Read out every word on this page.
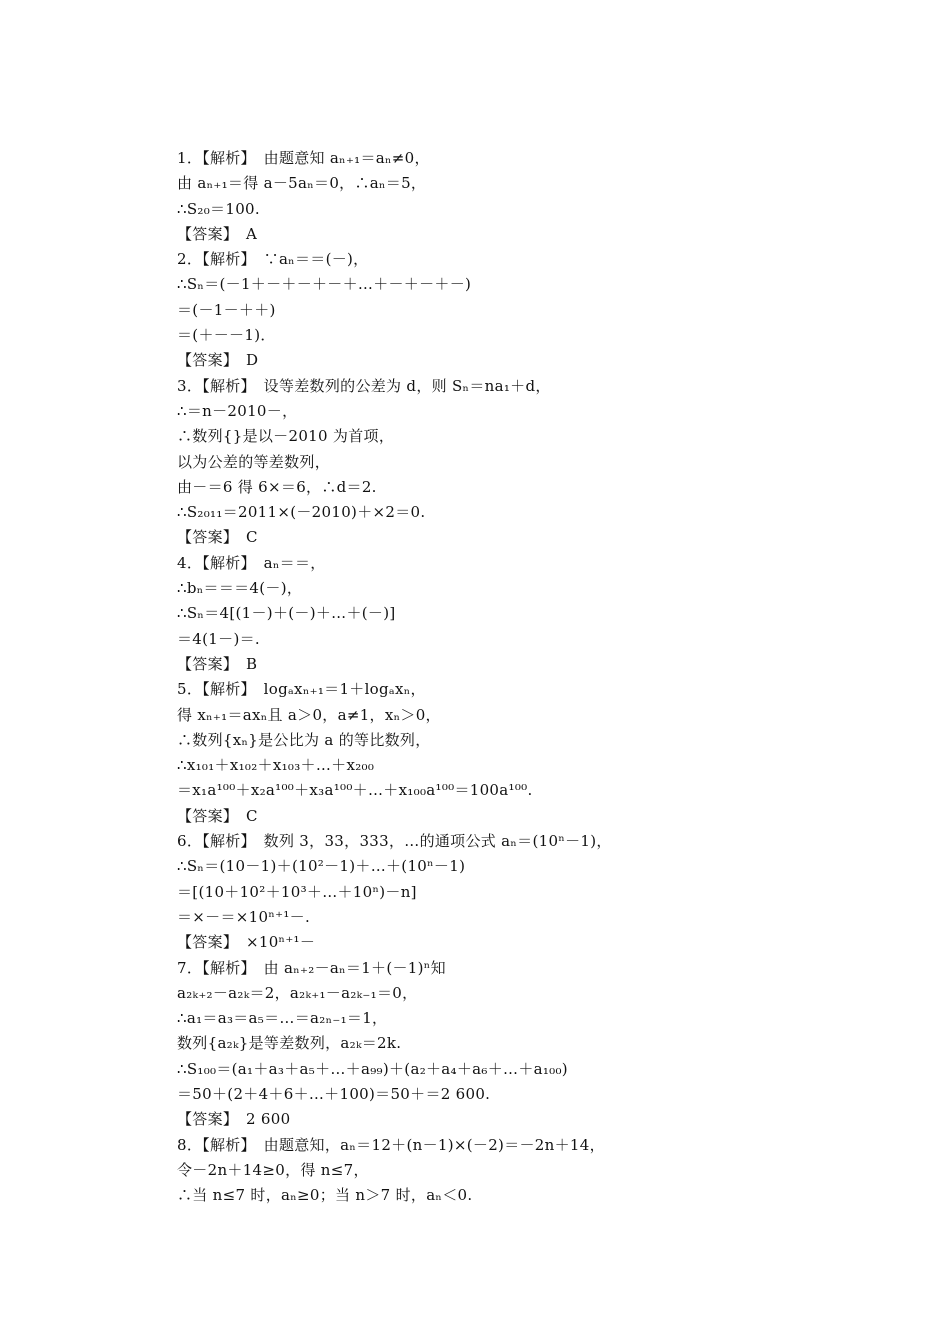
1．【解析】　由题意知 aₙ₊₁＝aₙ≠0，
由 aₙ₊₁＝得 a－5aₙ＝0，∴aₙ＝5，
∴S₂₀＝100.
【答案】　A
2．【解析】　∵aₙ＝＝(－)，
∴Sₙ＝(－1＋－＋－＋－＋…＋－＋－＋－)
＝(－1－＋＋)
＝(＋－－1)．
【答案】　D
3．【解析】　设等差数列的公差为 d，则 Sₙ＝na₁＋d，
∴＝n－2010－，
∴数列{}是以－2010 为首项，
以为公差的等差数列，
由－＝6 得 6×＝6，∴d＝2.
∴S₂₀₁₁＝2011×(－2010)＋×2＝0.
【答案】　C
4．【解析】　aₙ＝＝，
∴bₙ＝＝＝4(－)，
∴Sₙ＝4[(1－)＋(－)＋…＋(－)]
＝4(1－)＝.
【答案】　B
5．【解析】　logₐxₙ₊₁＝1＋logₐxₙ，
得 xₙ₊₁＝axₙ且 a＞0，a≠1，xₙ＞0，
∴数列{xₙ}是公比为 a 的等比数列，
∴x₁₀₁＋x₁₀₂＋x₁₀₃＋…＋x₂₀₀
＝x₁a¹⁰⁰＋x₂a¹⁰⁰＋x₃a¹⁰⁰＋…＋x₁₀₀a¹⁰⁰＝100a¹⁰⁰.
【答案】　C
6．【解析】　数列 3，33，333，…的通项公式 aₙ＝(10ⁿ－1)，
∴Sₙ＝(10－1)＋(10²－1)＋…＋(10ⁿ－1)
＝[(10＋10²＋10³＋…＋10ⁿ)－n]
＝×－＝×10ⁿ⁺¹－.
【答案】　×10ⁿ⁺¹－
7．【解析】　由 aₙ₊₂－aₙ＝1＋(－1)ⁿ知
a₂ₖ₊₂－a₂ₖ＝2，a₂ₖ₊₁－a₂ₖ₋₁＝0，
∴a₁＝a₃＝a₅＝…＝a₂ₙ₋₁＝1，
数列{a₂ₖ}是等差数列，a₂ₖ＝2k.
∴S₁₀₀＝(a₁＋a₃＋a₅＋…＋a₉₉)＋(a₂＋a₄＋a₆＋…＋a₁₀₀)
＝50＋(2＋4＋6＋…＋100)＝50＋＝2 600.
【答案】　2 600
8．【解析】　由题意知，aₙ＝12＋(n－1)×(－2)＝－2n＋14，
令－2n＋14≥0，得 n≤7，
∴当 n≤7 时，aₙ≥0；当 n＞7 时，aₙ＜0.
